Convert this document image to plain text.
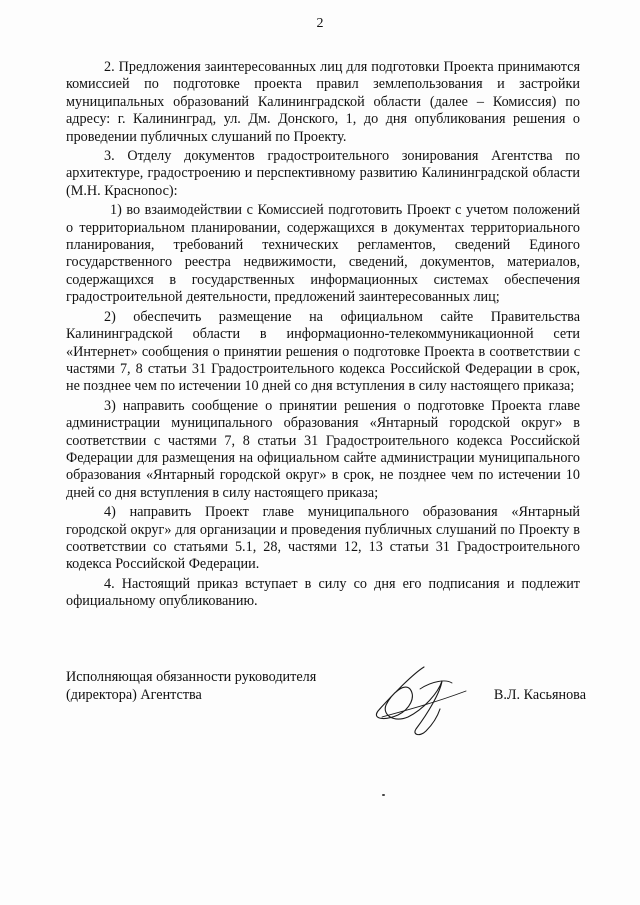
2

2. Предложения заинтересованных лиц для подготовки Проекта принимаются комиссией по подготовке проекта правил землепользования и застройки муниципальных образований Калининградской области (далее – Комиссия) по адресу: г. Калининград, ул. Дм. Донского, 1, до дня опубликования решения о проведении публичных слушаний по Проекту.

3. Отделу документов градостроительного зонирования Агентства по архитектуре, градостроению и перспективному развитию Калининградской области (М.Н. Красноnос):

1) во взаимодействии с Комиссией подготовить Проект с учетом положений о территориальном планировании, содержащихся в документах территориального планирования, требований технических регламентов, сведений Единого государственного реестра недвижимости, сведений, документов, материалов, содержащихся в государственных информационных системах обеспечения градостроительной деятельности, предложений заинтересованных лиц;

2) обеспечить размещение на официальном сайте Правительства Калининградской области в информационно-телекоммуникационной сети «Интернет» сообщения о принятии решения о подготовке Проекта в соответствии с частями 7, 8 статьи 31 Градостроительного кодекса Российской Федерации в срок, не позднее чем по истечении 10 дней со дня вступления в силу настоящего приказа;

3) направить сообщение о принятии решения о подготовке Проекта главе администрации муниципального образования «Янтарный городской округ» в соответствии с частями 7, 8 статьи 31 Градостроительного кодекса Российской Федерации для размещения на официальном сайте администрации муниципального образования «Янтарный городской округ» в срок, не позднее чем по истечении 10 дней со дня вступления в силу настоящего приказа;

4) направить Проект главе муниципального образования «Янтарный городской округ» для организации и проведения публичных слушаний по Проекту в соответствии со статьями 5.1, 28, частями 12, 13 статьи 31 Градостроительного кодекса Российской Федерации.

4. Настоящий приказ вступает в силу со дня его подписания и подлежит официальному опубликованию.

Исполняющая обязанности руководителя (директора) Агентства	В.Л. Касьянова
